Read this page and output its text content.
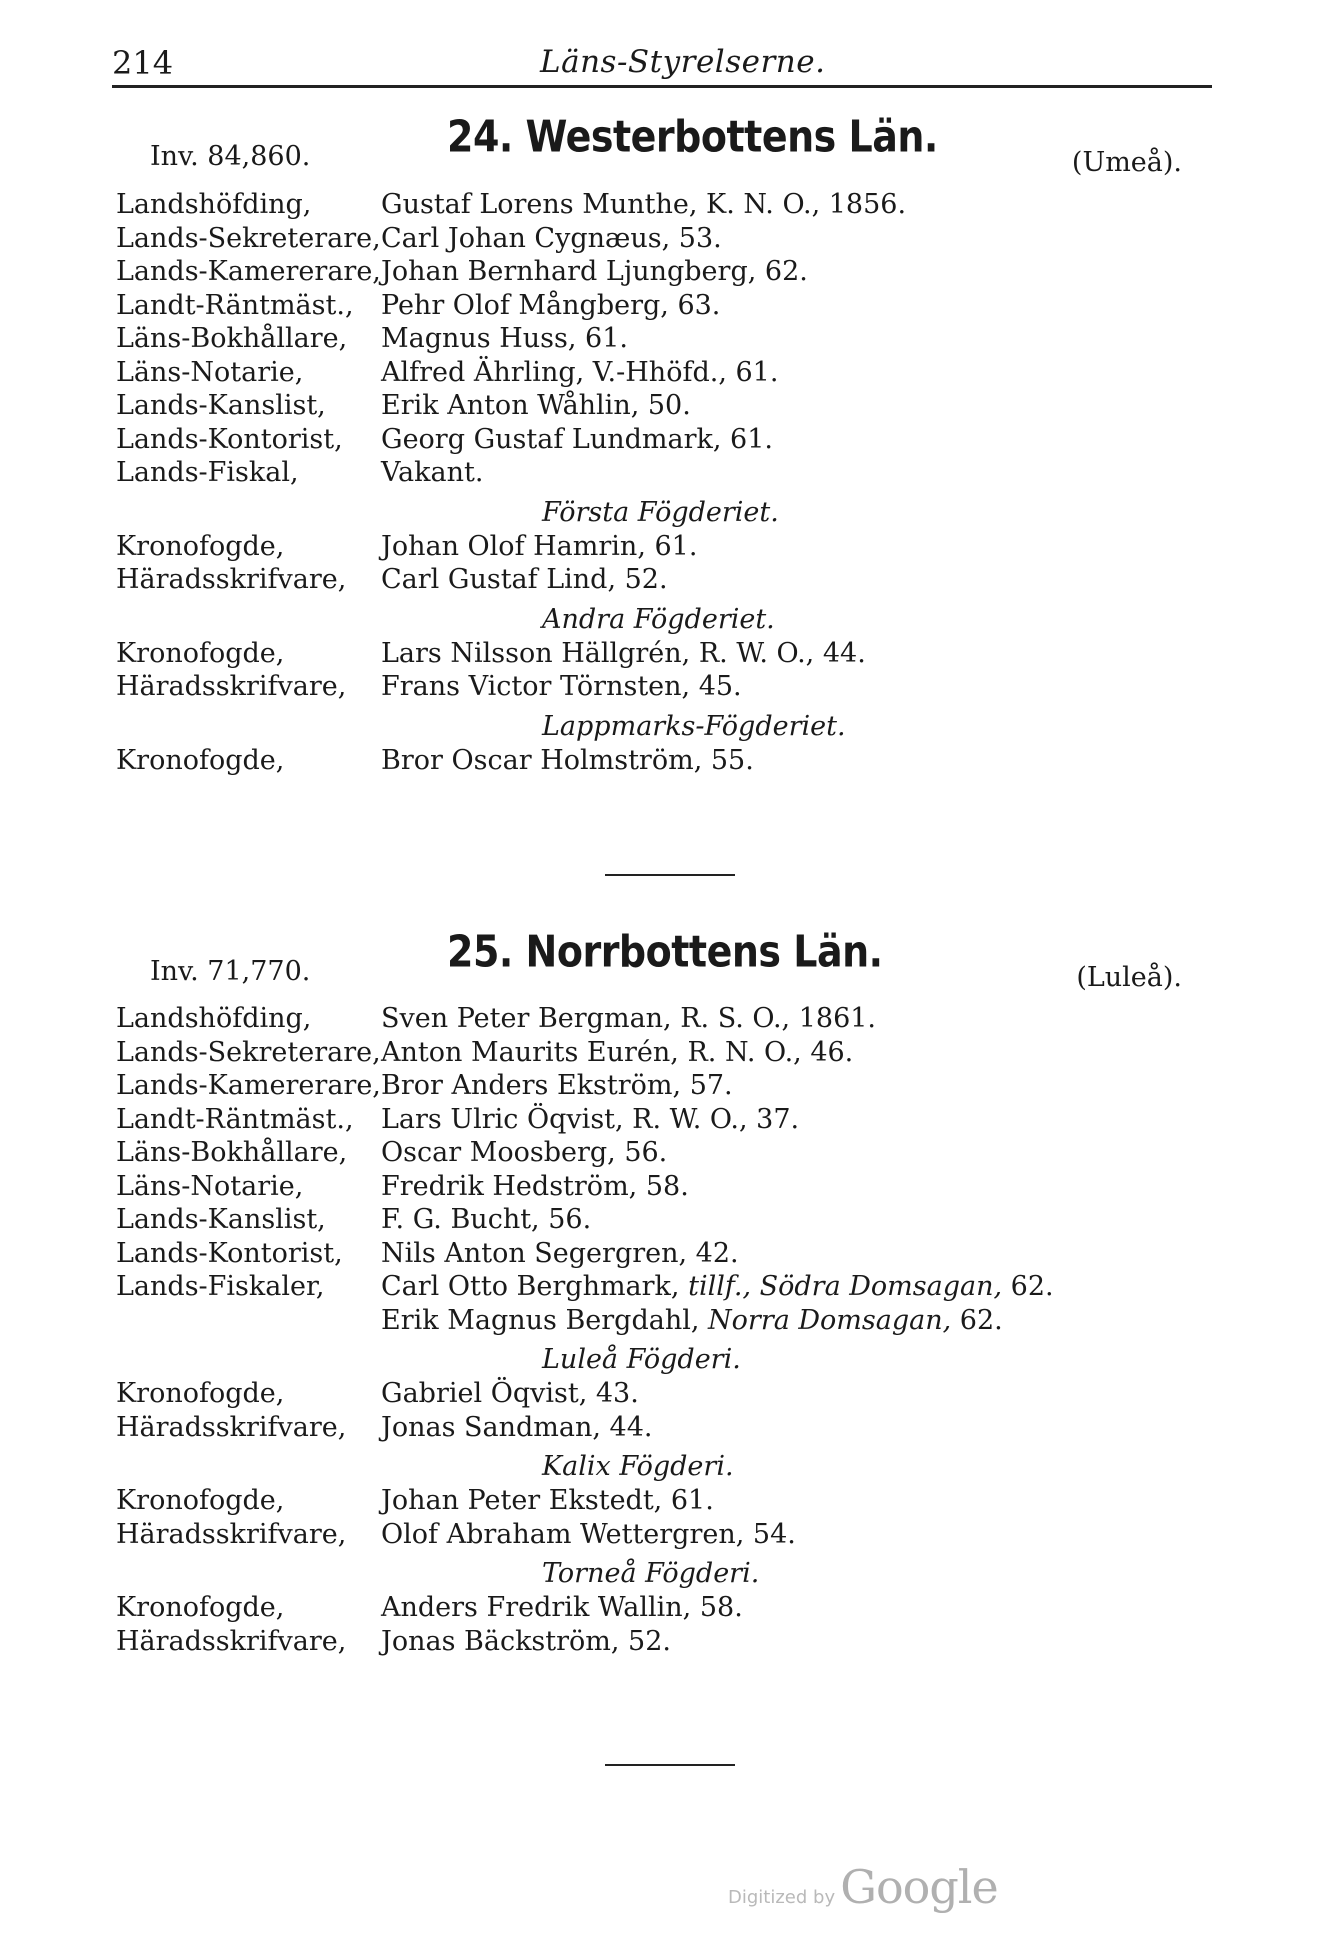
214	Läns-Styrelserne.
Inv. 84,860.	24. Westerbottens Län.
(Umeå).
Landshöfding,	Gustaf Lorens Munthe, K. N. O., 1856.
Lands-Sekreterare, Carl Johan Cygnæus, 53.
Lands-Kamererare, Johan Bernhard Ljungberg, 62.
Landt-Räntmäst., Pehr Olof Mångberg, 63.
Läns-Bokhållare, Magnus Huss, 61.
Läns-Notarie,	Alfred Ährling, V.-Hhöfd., 61.
Lands-Kanslist, Erik Anton Wåhlin, 50.
Lands-Kontorist, Georg Gustaf Lundmark, 61.
Lands-Fiskal,	Vakant.
Första Fögderiet.
Kronofogde,	Johan Olof Hamrin, 61.
Häradsskrifvare, Carl Gustaf Lind, 52.
Andra Fögderiet.
Kronofogde,	Lars Nilsson Hällgrén, R. W. O., 44.
Häradsskrifvare, Frans Victor Törnsten, 45.
Lappmarks-Fögderiet.
Kronofogde,	Bror Oscar Holmström, 55.
Inv. 71,770.	25. Norrbottens Län.
(Luleå).
Landshöfding,	Sven Peter Bergman, R. S. O., 1861.
Lands-Sekreterare, Anton Maurits Eurén, R. N. O., 46.
Lands-Kamererare, Bror Anders Ekström, 57.
Landt-Räntmäst., Lars Ulric Öqvist, R. W. O., 37.
Läns-Bokhållare, Oscar Moosberg, 56.
Läns-Notarie,	Fredrik Hedström, 58.
Lands-Kanslist, F. G. Bucht, 56.
Lands-Kontorist, Nils Anton Segergren, 42.
Lands-Fiskaler, Carl Otto Berghmark, tillf., Södra Domsagan, 62.
Erik Magnus Bergdahl, Norra Domsagan, 62.
Luleå Fögderi.
Kronofogde,	Gabriel Öqvist, 43.
Häradsskrifvare, Jonas Sandman, 44.
Kalix Fögderi.
Kronofogde,	Johan Peter Ekstedt, 61.
Häradsskrifvare, Olof Abraham Wettergren, 54.
Torneå Fögderi.
Kronofogde,	Anders Fredrik Wallin, 58.
Häradsskrifvare, Jonas Bäckström, 52.
Digitized by Google
